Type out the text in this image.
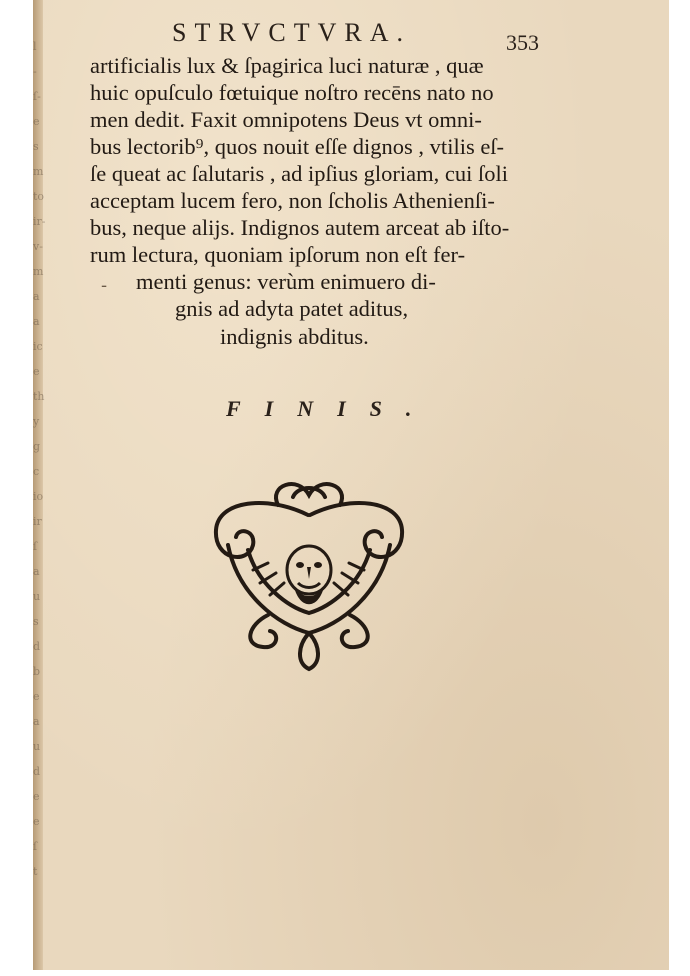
l
-
ſ-
e
s
m
to
ir-
v-
m
a
a
ic
e
th
y
g
c
io
ir
ſ
a
u
s
d
b
e
a
u
d
e
e
ſ
t
STRVCTVRA.	353
artificialis lux & ſpagirica luci naturæ , quæ
huic opuſculo fœtuique noſtro recēns nato no
men dedit. Faxit omnipotens Deus vt omni-
bus lectorib⁹, quos nouit eſſe dignos , vtilis eſ-
ſe queat ac ſalutaris , ad ipſius gloriam, cui ſoli
acceptam lucem fero, non ſcholis Athenienſi-
bus, neque alijs. Indignos autem arceat ab iſto-
rum lectura, quoniam ipſorum non eſt fer-
menti genus: verùm enimuero di-
gnis ad adyta patet aditus,
indignis abditus.
-
FINIS.
